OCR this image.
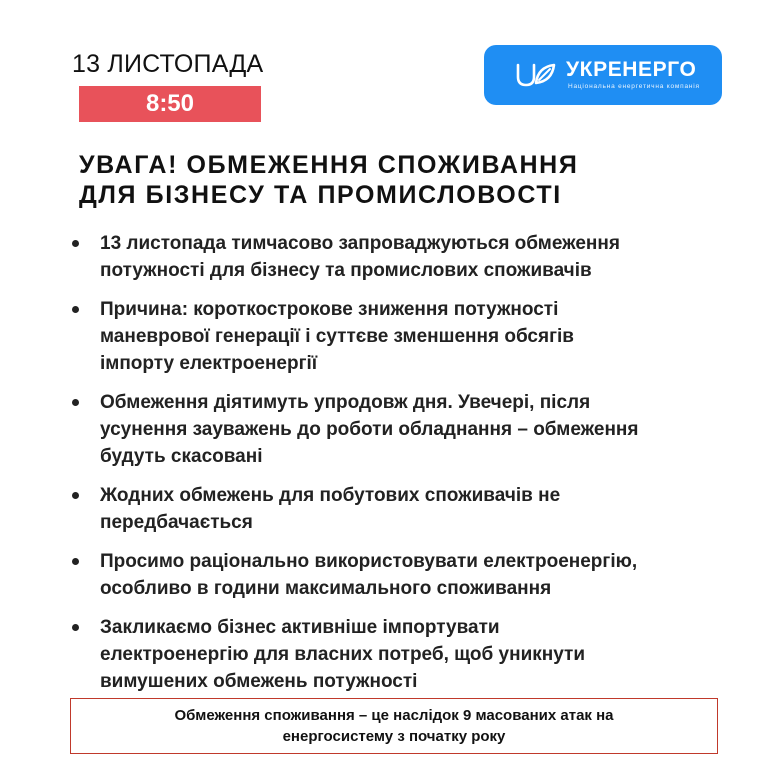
13 ЛИСТОПАДА
8:50
УКРЕНЕРГО
Національна енергетична компанія
УВАГА! ОБМЕЖЕННЯ СПОЖИВАННЯ
ДЛЯ БІЗНЕСУ ТА ПРОМИСЛОВОСТІ
13 листопада тимчасово запроваджуються обмеження
потужності для бізнесу та промислових споживачів
Причина: короткострокове зниження потужності
маневрової генерації і суттєве зменшення обсягів
імпорту електроенергії
Обмеження діятимуть упродовж дня. Увечері, після
усунення зауважень до роботи обладнання – обмеження
будуть скасовані
Жодних обмежень для побутових споживачів не
передбачається
Просимо раціонально використовувати електроенергію,
особливо в години максимального споживання
Закликаємо бізнес активніше імпортувати
електроенергію для власних потреб, щоб уникнути
вимушених обмежень потужності
Обмеження споживання – це наслідок 9 масованих атак на
енергосистему з початку року
